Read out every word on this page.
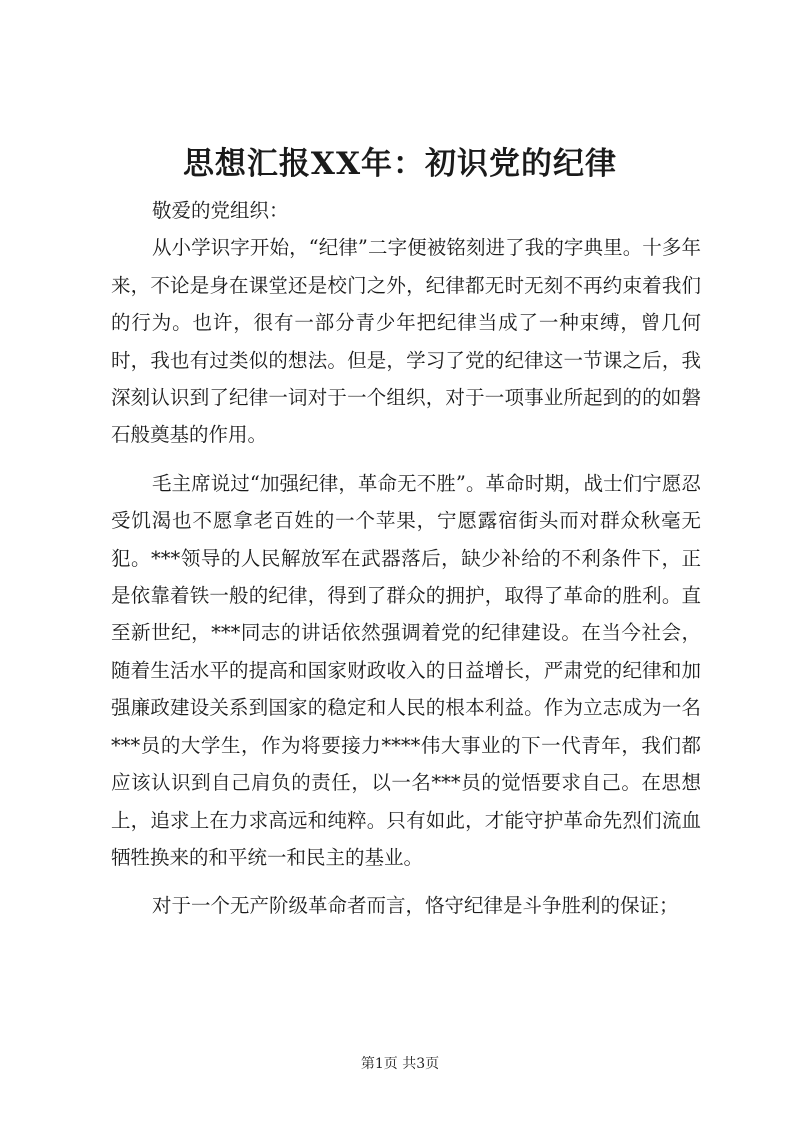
思想汇报XX年：初识党的纪律

敬爱的党组织：

从小学识字开始，“纪律”二字便被铭刻进了我的字典里。十多年来，不论是身在课堂还是校门之外，纪律都无时无刻不再约束着我们的行为。也许，很有一部分青少年把纪律当成了一种束缚，曾几何时，我也有过类似的想法。但是，学习了党的纪律这一节课之后，我深刻认识到了纪律一词对于一个组织，对于一项事业所起到的的如磐石般奠基的作用。

毛主席说过“加强纪律，革命无不胜”。革命时期，战士们宁愿忍受饥渴也不愿拿老百姓的一个苹果，宁愿露宿街头而对群众秋毫无犯。***领导的人民解放军在武器落后，缺少补给的不利条件下，正是依靠着铁一般的纪律，得到了群众的拥护，取得了革命的胜利。直至新世纪，***同志的讲话依然强调着党的纪律建设。在当今社会，随着生活水平的提高和国家财政收入的日益增长，严肃党的纪律和加强廉政建设关系到国家的稳定和人民的根本利益。作为立志成为一名***员的大学生，作为将要接力****伟大事业的下一代青年，我们都应该认识到自己肩负的责任，以一名***员的觉悟要求自己。在思想上，追求上在力求高远和纯粹。只有如此，才能守护革命先烈们流血牺牲换来的和平统一和民主的基业。

对于一个无产阶级革命者而言，恪守纪律是斗争胜利的保证；

第1页 共3页
